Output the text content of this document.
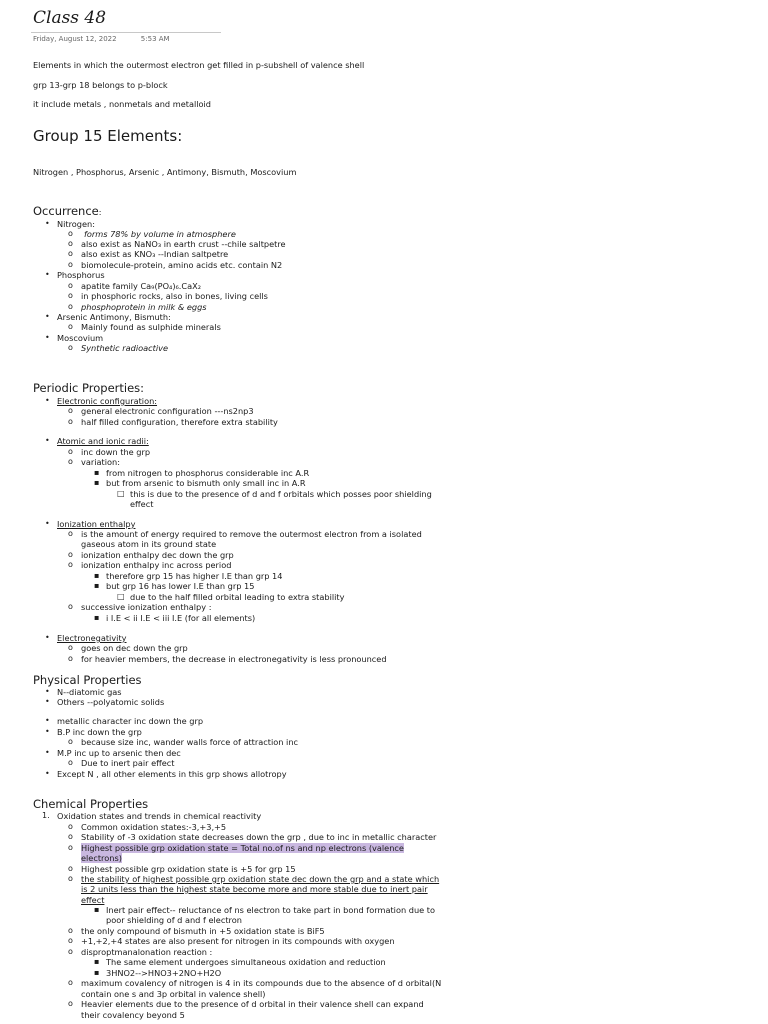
Class 48
Friday, August 12, 2022	5:53 AM
Elements in which the outermost electron get filled in p-subshell of valence shell
grp 13-grp 18 belongs to p-block
it include metals , nonmetals and metalloid
Group 15 Elements:
Nitrogen , Phosphorus, Arsenic , Antimony, Bismuth, Moscovium
Occurrence:
• Nitrogen:
o forms 78% by volume in atmosphere
o also exist as NaNO₃ in earth crust --chile saltpetre
o also exist as KNO₃ --Indian saltpetre
o biomolecule-protein, amino acids etc. contain N2
• Phosphorus
o apatite family Ca₉(PO₄)₆.CaX₂
o in phosphoric rocks, also in bones, living cells
o phosphoprotein in milk & eggs
• Arsenic Antimony, Bismuth:
o Mainly found as sulphide minerals
• Moscovium
o Synthetic radioactive
Periodic Properties:
• Electronic configuration:
o general electronic configuration ---ns2np3
o half filled configuration, therefore extra stability
• Atomic and ionic radii:
o inc down the grp
o variation:
▪ from nitrogen to phosphorus considerable inc A.R
▪ but from arsenic to bismuth only small inc in A.R
□ this is due to the presence of d and f orbitals which posses poor shielding
effect
• Ionization enthalpy
o is the amount of energy required to remove the outermost electron from a isolated
gaseous atom in its ground state
o ionization enthalpy dec down the grp
o ionization enthalpy inc across period
▪ therefore grp 15 has higher I.E than grp 14
▪ but grp 16 has lower I.E than grp 15
□ due to the half filled orbital leading to extra stability
o successive ionization enthalpy :
▪ i I.E < ii I.E < iii I.E (for all elements)
• Electronegativity
o goes on dec down the grp
o for heavier members, the decrease in electronegativity is less pronounced
Physical Properties
• N--diatomic gas
• Others --polyatomic solids
• metallic character inc down the grp
• B.P inc down the grp
o because size inc, wander walls force of attraction inc
• M.P inc up to arsenic then dec
o Due to inert pair effect
• Except N , all other elements in this grp shows allotropy
Chemical Properties
1. Oxidation states and trends in chemical reactivity
o Common oxidation states:-3,+3,+5
o Stability of -3 oxidation state decreases down the grp , due to inc in metallic character
o Highest possible grp oxidation state = Total no.of ns and np electrons (valence
electrons)
o Highest possible grp oxidation state is +5 for grp 15
o the stability of highest possible grp oxidation state dec down the grp and a state which
is 2 units less than the highest state become more and more stable due to inert pair
effect
▪ Inert pair effect-- reluctance of ns electron to take part in bond formation due to
poor shielding of d and f electron
o the only compound of bismuth in +5 oxidation state is BiF5
o +1,+2,+4 states are also present for nitrogen in its compounds with oxygen
o disproptmanalonation reaction :
▪ The same element undergoes simultaneous oxidation and reduction
▪ 3HNO2-->HNO3+2NO+H2O
o maximum covalency of nitrogen is 4 in its compounds due to the absence of d orbital(N
contain one s and 3p orbital in valence shell)
o Heavier elements due to the presence of d orbital in their valence shell can expand
their covalency beyond 5
